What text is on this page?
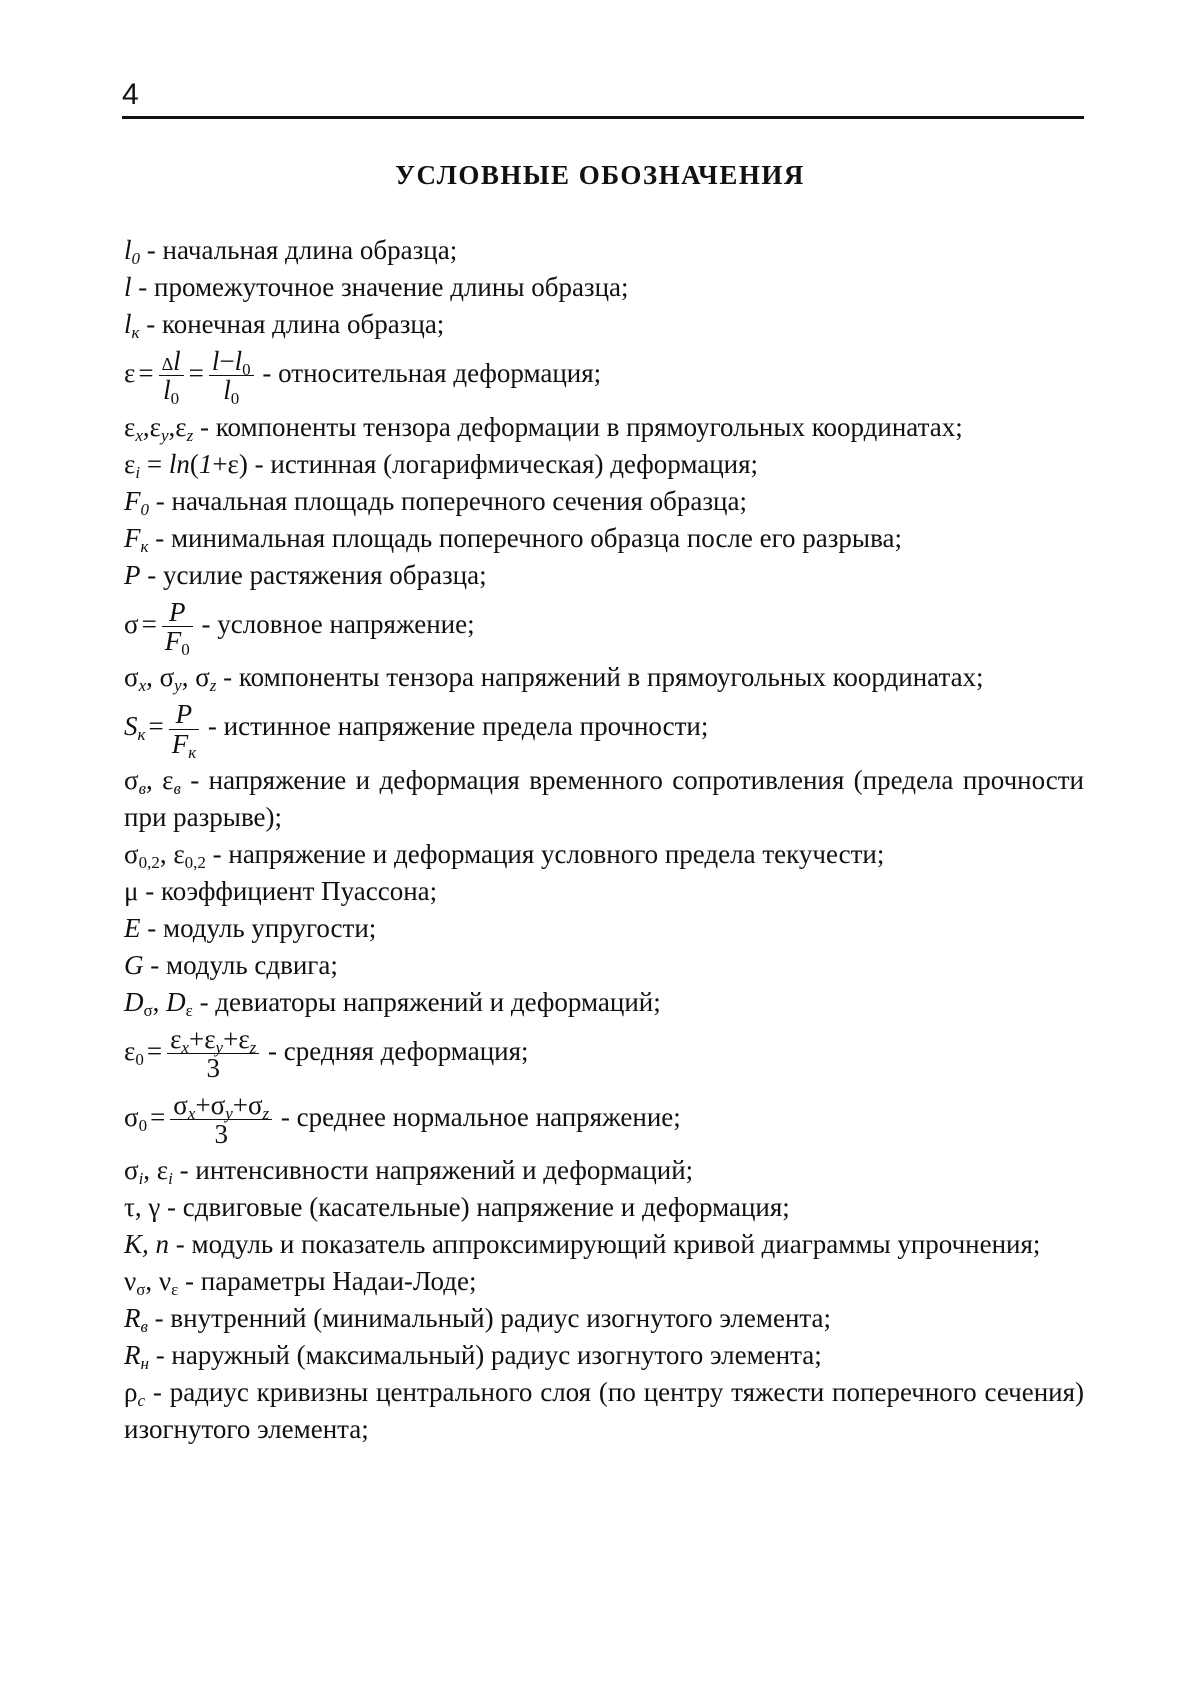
4
УСЛОВНЫЕ ОБОЗНАЧЕНИЯ

$l_0$ - начальная длина образца;

l - промежуточное значение длины образца;

$l_к$ - конечная длина образца;

$\varepsilon = \frac{\Delta l}{l_0} = \frac{l-l_0}{l_0}$ - относительная деформация;

$\varepsilon_x,\varepsilon_y,\varepsilon_z$ - компоненты тензора деформации в прямоугольных координатах;

$\varepsilon_i = \ln(1+\varepsilon)$ - истинная (логарифмическая) деформация;

$F_0$ - начальная площадь поперечного сечения образца;

$F_к$ - минимальная площадь поперечного образца после его разрыва;

P - усилие растяжения образца;

$\sigma = \frac{P}{F_0}$ - условное напряжение;

$\sigma_x$, $\sigma_y$, $\sigma_z$ - компоненты тензора напряжений в прямоугольных координатах;

$S_к = \frac{P}{F_к}$ - истинное напряжение предела прочности;

$\sigma_в$, $\varepsilon_в$ - напряжение и деформация временного сопротивления (предела прочности при разрыве);

$\sigma_{0,2}$, $\varepsilon_{0,2}$ - напряжение и деформация условного предела текучести;

μ - коэффициент Пуассона;

E - модуль упругости;

G - модуль сдвига;

$D_\sigma$, $D_\varepsilon$ - девиаторы напряжений и деформаций;

$\varepsilon_0 = \frac{\varepsilon_x+\varepsilon_y+\varepsilon_z}{3}$ - средняя деформация;

$\sigma_0 = \frac{\sigma_x+\sigma_y+\sigma_z}{3}$ - среднее нормальное напряжение;

$\sigma_i$, $\varepsilon_i$ - интенсивности напряжений и деформаций;

τ, γ - сдвиговые (касательные) напряжение и деформация;

K, n - модуль и показатель аппроксимирующий кривой диаграммы упрочнения;

$\nu_\sigma$, $\nu_\varepsilon$ - параметры Надаи-Лоде;

$R_в$ - внутренний (минимальный) радиус изогнутого элемента;

$R_н$ - наружный (максимальный) радиус изогнутого элемента;

$\rho_c$ - радиус кривизны центрального слоя (по центру тяжести поперечного сечения) изогнутого элемента;
